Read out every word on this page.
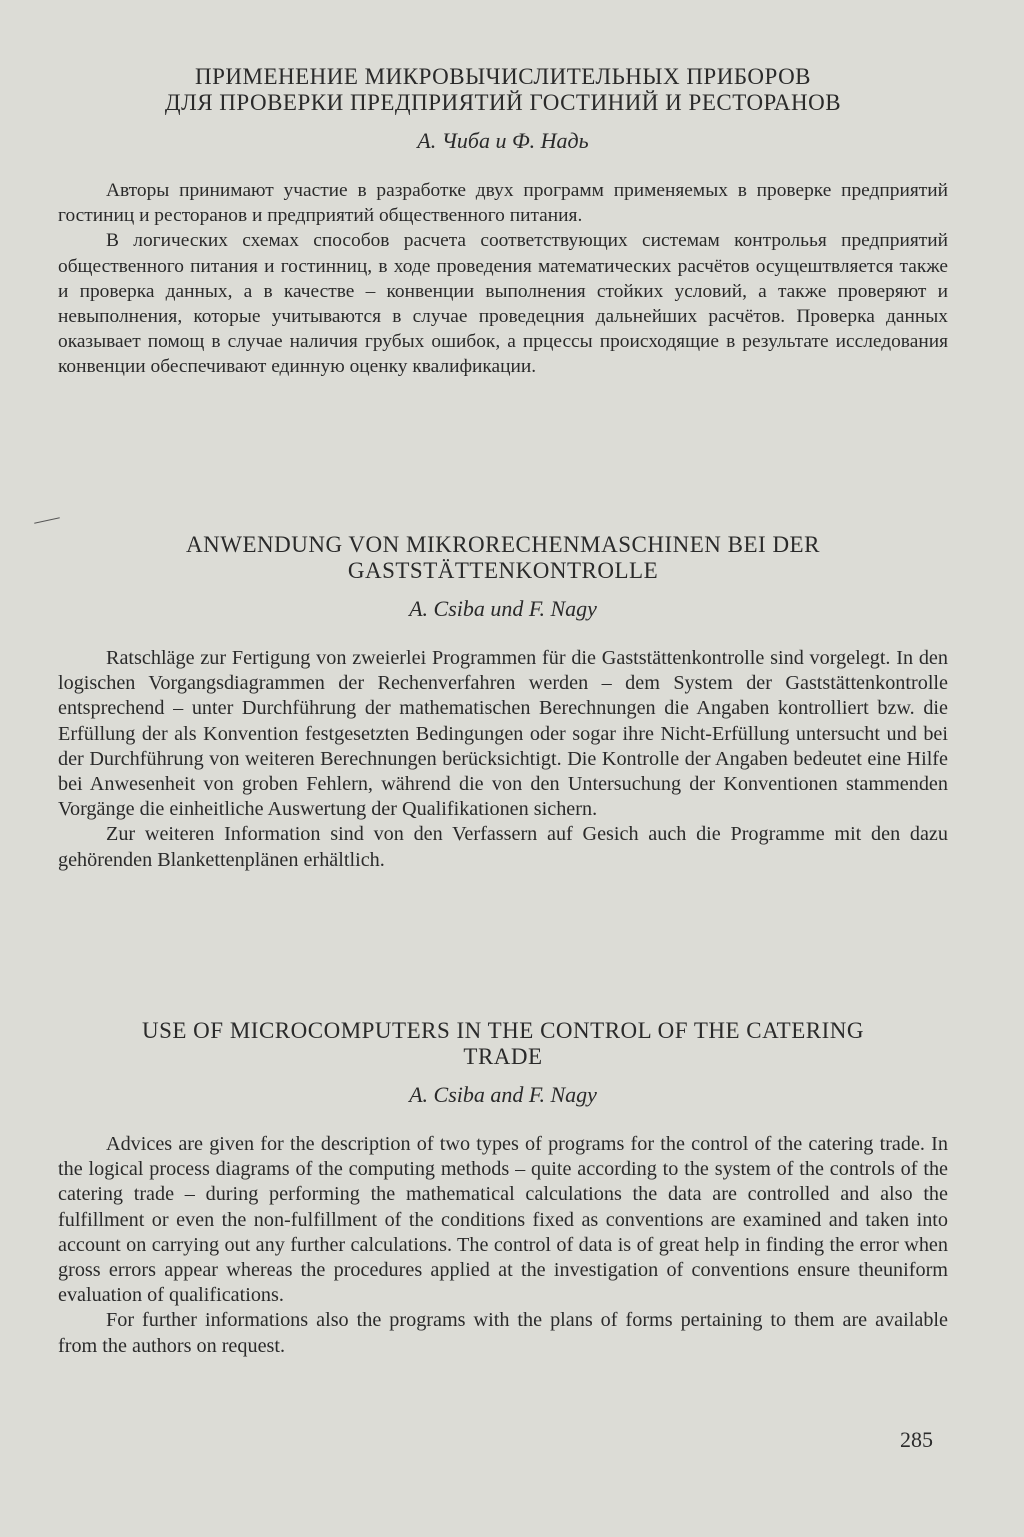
ПРИМЕНЕНИЕ МИКРОВЫЧИСЛИТЕЛЬНЫХ ПРИБОРОВ
ДЛЯ ПРОВЕРКИ ПРЕДПРИЯТИЙ ГОСТИНИЙ И РЕСТОРАНОВ

А. Чиба и Ф. Надь

Авторы принимают участие в разработке двух программ применяемых в проверке предприятий гостиниц и ресторанов и предприятий общественного питания.

В логических схемах способов расчета соответствующих системам контрольья предприятий общественного питания и гостинниц, в ходе проведения математических расчётов осущештвляется также и проверка данных, а в качестве – конвенции выполнения стойких условий, а также проверяют и невыполнения, которые учитываются в случае проведецния дальнейших расчётов. Проверка данных оказывает помощ в случае наличия грубых ошибок, а прцессы происходящие в результате исследования конвенции обеспечивают единную оценку квалификации.

ANWENDUNG VON MIKRORECHENMASCHINEN BEI DER
GASTSTÄTTENKONTROLLE

A. Csiba und F. Nagy

Ratschläge zur Fertigung von zweierlei Programmen für die Gaststättenkontrolle sind vorgelegt. In den logischen Vorgangsdiagrammen der Rechenverfahren werden – dem System der Gaststättenkontrolle entsprechend – unter Durchführung der mathematischen Berechnungen die Angaben kontrolliert bzw. die Erfüllung der als Konvention festgesetzten Bedingungen oder sogar ihre Nicht-Erfüllung untersucht und bei der Durchführung von weiteren Berechnungen berücksichtigt. Die Kontrolle der Angaben bedeutet eine Hilfe bei Anwesenheit von groben Fehlern, während die von den Untersuchung der Konventionen stammenden Vorgänge die einheitliche Auswertung der Qualifikationen sichern.

Zur weiteren Information sind von den Verfassern auf Gesich auch die Programme mit den dazu gehörenden Blankettenplänen erhältlich.

USE OF MICROCOMPUTERS IN THE CONTROL OF THE CATERING
TRADE

A. Csiba and F. Nagy

Advices are given for the description of two types of programs for the control of the catering trade. In the logical process diagrams of the computing methods – quite according to the system of the controls of the catering trade – during performing the mathematical calculations the data are controlled and also the fulfillment or even the non-fulfillment of the conditions fixed as conventions are examined and taken into account on carrying out any further calculations. The control of data is of great help in finding the error when gross errors appear whereas the procedures applied at the investigation of conventions ensure theuniform evaluation of qualifications.

For further informations also the programs with the plans of forms pertaining to them are available from the authors on request.

285
